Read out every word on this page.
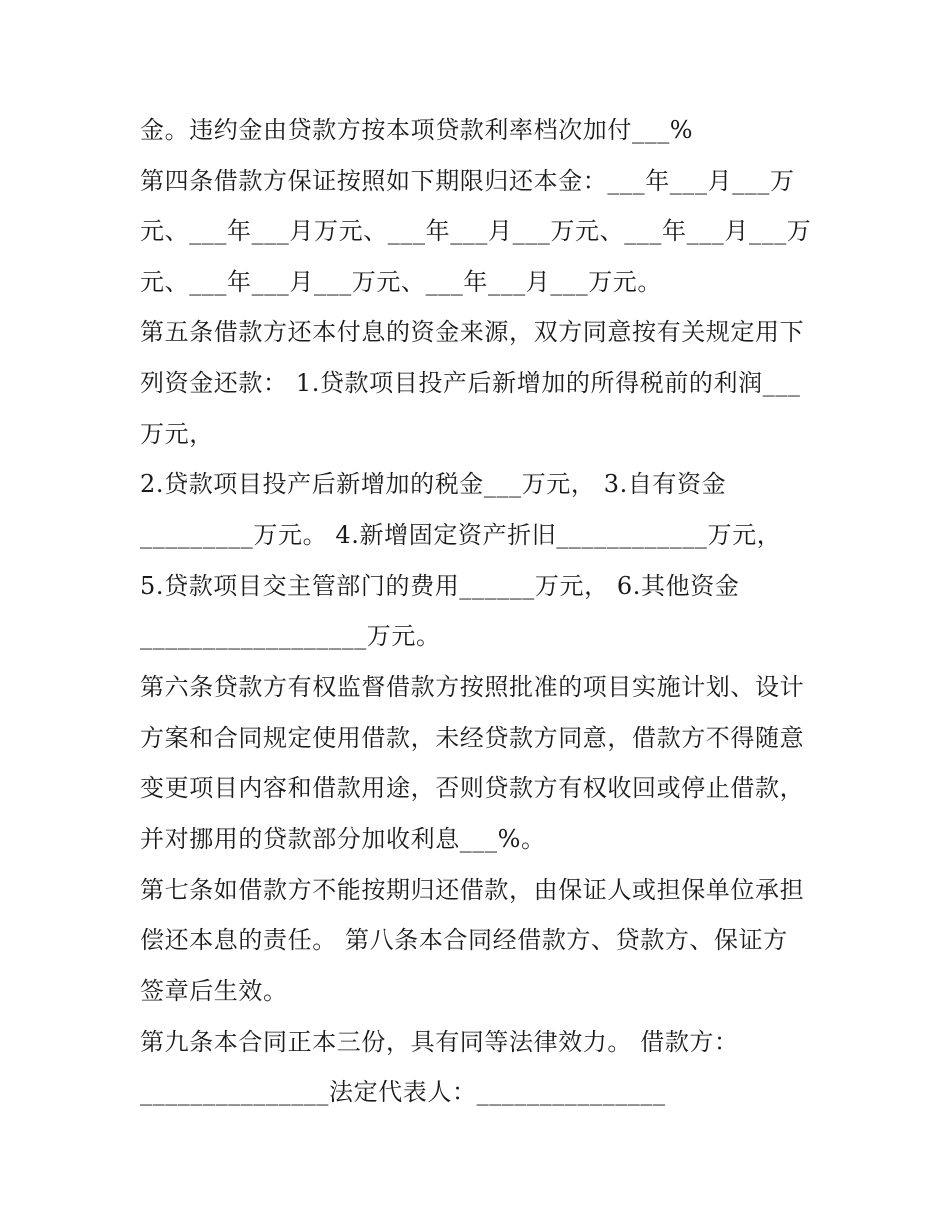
金。违约金由贷款方按本项贷款利率档次加付___%
第四条借款方保证按照如下期限归还本金：___年___月___万
元、___年___月万元、___年___月___万元、___年___月___万
元、___年___月___万元、___年___月___万元。
第五条借款方还本付息的资金来源，双方同意按有关规定用下
列资金还款： 1.贷款项目投产后新增加的所得税前的利润___
万元，
2.贷款项目投产后新增加的税金___万元， 3.自有资金
_________万元。 4.新增固定资产折旧____________万元，
5.贷款项目交主管部门的费用______万元， 6.其他资金
__________________万元。
第六条贷款方有权监督借款方按照批准的项目实施计划、设计
方案和合同规定使用借款，未经贷款方同意，借款方不得随意
变更项目内容和借款用途，否则贷款方有权收回或停止借款，
并对挪用的贷款部分加收利息___%。
第七条如借款方不能按期归还借款，由保证人或担保单位承担
偿还本息的责任。 第八条本合同经借款方、贷款方、保证方
签章后生效。
第九条本合同正本三份，具有同等法律效力。 借款方：
_______________法定代表人：_______________
